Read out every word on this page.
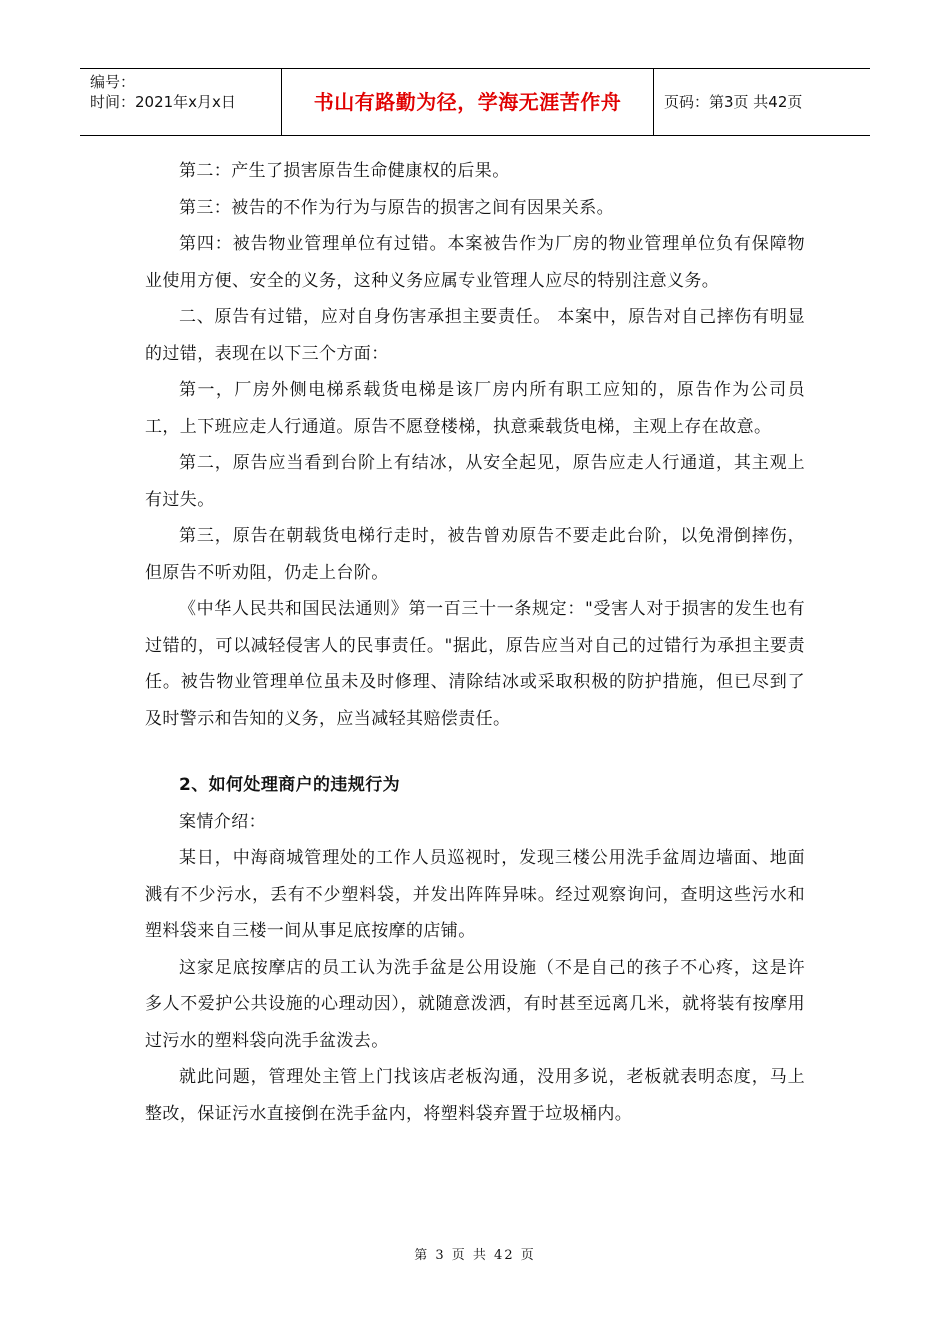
编号：
时间：2021年x月x日	书山有路勤为径，学海无涯苦作舟	页码：第3页 共42页

第二：产生了损害原告生命健康权的后果。

第三：被告的不作为行为与原告的损害之间有因果关系。

第四：被告物业管理单位有过错。本案被告作为厂房的物业管理单位负有保障物业使用方便、安全的义务，这种义务应属专业管理人应尽的特别注意义务。

二、原告有过错，应对自身伤害承担主要责任。 本案中，原告对自己摔伤有明显的过错，表现在以下三个方面：

第一，厂房外侧电梯系载货电梯是该厂房内所有职工应知的，原告作为公司员工，上下班应走人行通道。原告不愿登楼梯，执意乘载货电梯，主观上存在故意。

第二，原告应当看到台阶上有结冰，从安全起见，原告应走人行通道，其主观上有过失。

第三，原告在朝载货电梯行走时，被告曾劝原告不要走此台阶，以免滑倒摔伤，但原告不听劝阻，仍走上台阶。

《中华人民共和国民法通则》第一百三十一条规定："受害人对于损害的发生也有过错的，可以减轻侵害人的民事责任。"据此，原告应当对自己的过错行为承担主要责任。被告物业管理单位虽未及时修理、清除结冰或采取积极的防护措施，但已尽到了及时警示和告知的义务，应当减轻其赔偿责任。

2、如何处理商户的违规行为

案情介绍：

某日，中海商城管理处的工作人员巡视时，发现三楼公用洗手盆周边墙面、地面溅有不少污水，丢有不少塑料袋，并发出阵阵异味。经过观察询问，查明这些污水和塑料袋来自三楼一间从事足底按摩的店铺。

这家足底按摩店的员工认为洗手盆是公用设施（不是自己的孩子不心疼，这是许多人不爱护公共设施的心理动因），就随意泼洒，有时甚至远离几米，就将装有按摩用过污水的塑料袋向洗手盆泼去。

就此问题，管理处主管上门找该店老板沟通，没用多说，老板就表明态度，马上整改，保证污水直接倒在洗手盆内，将塑料袋弃置于垃圾桶内。

第 3 页 共 42 页
